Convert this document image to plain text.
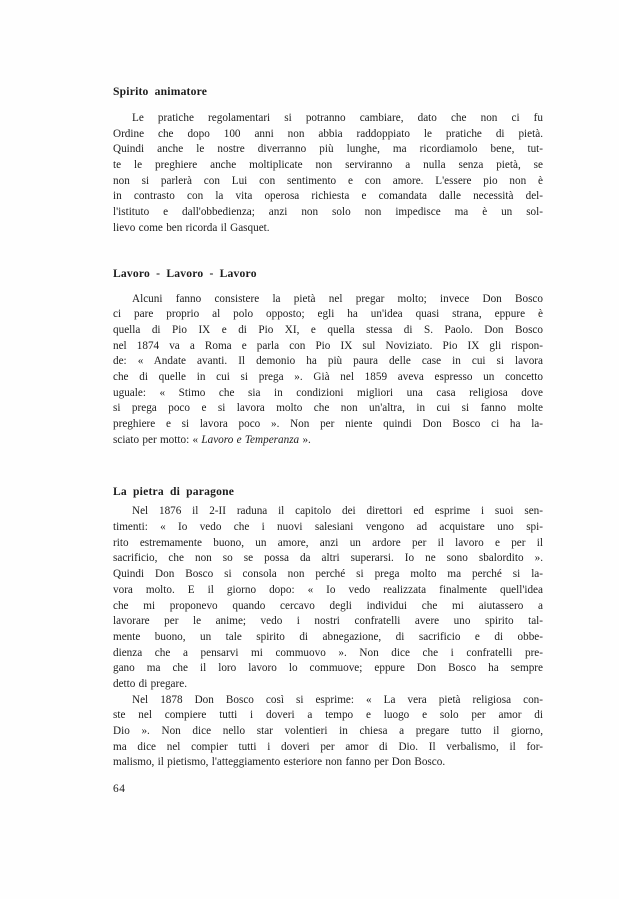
Spirito animatore
Le pratiche regolamentari si potranno cambiare, dato che non ci fu
Ordine che dopo 100 anni non abbia raddoppiato le pratiche di pietà.
Quindi anche le nostre diverranno più lunghe, ma ricordiamolo bene, tut-
te le preghiere anche moltiplicate non serviranno a nulla senza pietà, se
non si parlerà con Lui con sentimento e con amore. L'essere pio non è
in contrasto con la vita operosa richiesta e comandata dalle necessità del-
l'istituto e dall'obbedienza; anzi non solo non impedisce ma è un sol-
lievo come ben ricorda il Gasquet.
Lavoro - Lavoro - Lavoro
Alcuni fanno consistere la pietà nel pregar molto; invece Don Bosco
ci pare proprio al polo opposto; egli ha un'idea quasi strana, eppure è
quella di Pio IX e di Pio XI, e quella stessa di S. Paolo. Don Bosco
nel 1874 va a Roma e parla con Pio IX sul Noviziato. Pio IX gli rispon-
de: « Andate avanti. Il demonio ha più paura delle case in cui si lavora
che di quelle in cui si prega ». Già nel 1859 aveva espresso un concetto
uguale: « Stimo che sia in condizioni migliori una casa religiosa dove
si prega poco e si lavora molto che non un'altra, in cui si fanno molte
preghiere e si lavora poco ». Non per niente quindi Don Bosco ci ha la-
sciato per motto: « Lavoro e Temperanza ».
La pietra di paragone
Nel 1876 il 2-II raduna il capitolo dei direttori ed esprime i suoi sen-
timenti: « Io vedo che i nuovi salesiani vengono ad acquistare uno spi-
rito estremamente buono, un amore, anzi un ardore per il lavoro e per il
sacrificio, che non so se possa da altri superarsi. Io ne sono sbalordito ».
Quindi Don Bosco si consola non perché si prega molto ma perché si la-
vora molto. E il giorno dopo: « Io vedo realizzata finalmente quell'idea
che mi proponevo quando cercavo degli individui che mi aiutassero a
lavorare per le anime; vedo i nostri confratelli avere uno spirito tal-
mente buono, un tale spirito di abnegazione, di sacrificio e di obbe-
dienza che a pensarvi mi commuovo ». Non dice che i confratelli pre-
gano ma che il loro lavoro lo commuove; eppure Don Bosco ha sempre
detto di pregare.
Nel 1878 Don Bosco così si esprime: « La vera pietà religiosa con-
ste nel compiere tutti i doveri a tempo e luogo e solo per amor di
Dio ». Non dice nello star volentieri in chiesa a pregare tutto il giorno,
ma dice nel compier tutti i doveri per amor di Dio. Il verbalismo, il for-
malismo, il pietismo, l'atteggiamento esteriore non fanno per Don Bosco.
64
